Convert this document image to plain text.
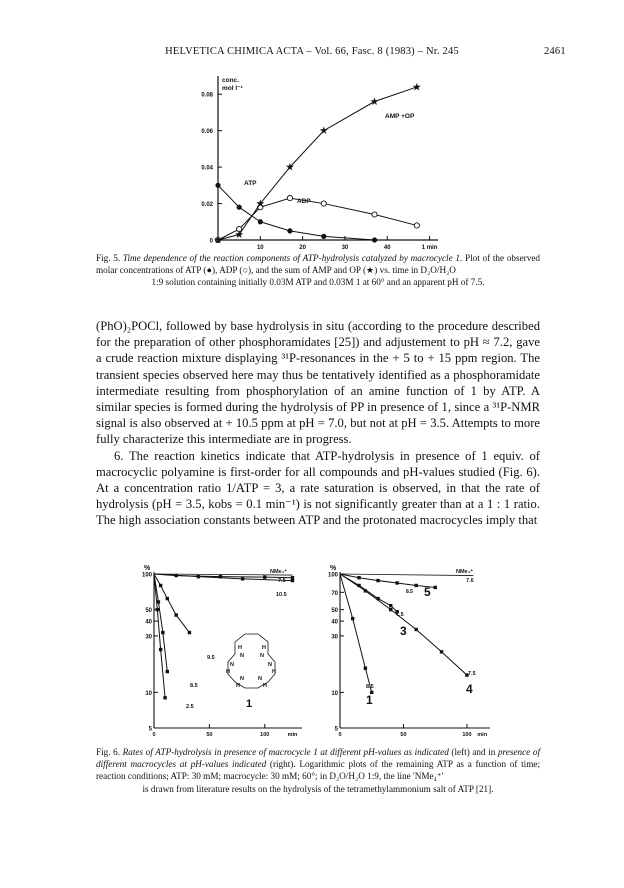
HELVETICA CHIMICA ACTA – Vol. 66, Fasc. 8 (1983) – Nr. 245	2461
conc.
mol l⁻¹
0
0.02
0.04
0.06
0.08
10	20	30	40	1 min
★
★
★
★
★
★
★
AMP +OP
ATP
ADP
Fig. 5. Time dependence of the reaction components of ATP-hydrolysis catalyzed by macrocycle 1. Plot of the observed molar concentrations of ATP (●), ADP (○), and the sum of AMP and OP (★) vs. time in D₂O/H₂O
1:9 solution containing initially 0.03M ATP and 0.03M 1 at 60° and an apparent pH of 7.5.

(PhO)₂POCl, followed by base hydrolysis in situ (according to the procedure described for the preparation of other phosphoramidates [25]) and adjustement to pH ≈ 7.2, gave a crude reaction mixture displaying ³¹P-resonances in the + 5 to + 15 ppm region. The transient species observed here may thus be tentatively identified as a phosphoramidate intermediate resulting from phosphorylation of an amine function of 1 by ATP. A similar species is formed during the hydrolysis of PP in presence of 1, since a ³¹P-NMR signal is also observed at + 10.5 ppm at pH = 7.0, but not at pH = 3.5. Attempts to more fully characterize this intermediate are in progress.

6. The reaction kinetics indicate that ATP-hydrolysis in presence of 1 equiv. of macrocyclic polyamine is first-order for all compounds and pH-values studied (Fig. 6). At a concentration ratio 1/ATP = 3, a rate saturation is observed, in that the rate of hydrolysis (pH = 3.5, kobs = 0.1 min⁻¹) is not significantly greater than at a 1 : 1 ratio. The high association constants between ATP and the protonated macrocycles imply that

%
100
50
40
30
10
5
0	50	100	min
NMe₄⁺
7.5
10.5
9.5
8.5
2.5
H
N
H
N
N
H
N
H
N
H
N
H
1
%
100
70
50
40
30
10
5
0	50	100 min
NMe₄⁺
7.6
8.5 5
7.5
3
7.5
4
8.5
1
Fig. 6. Rates of ATP-hydrolysis in presence of macrocycle 1 at different pH-values as indicated (left) and in presence of different macrocycles at pH-values indicated (right). Logarithmic plots of the remaining ATP as a function of time; reaction conditions; ATP: 30 mM; macrocycle: 30 mM; 60°; in D₂O/H₂O 1:9, the line 'NMe₄⁺'
is drawn from literature results on the hydrolysis of the tetramethylammonium salt of ATP [21].
